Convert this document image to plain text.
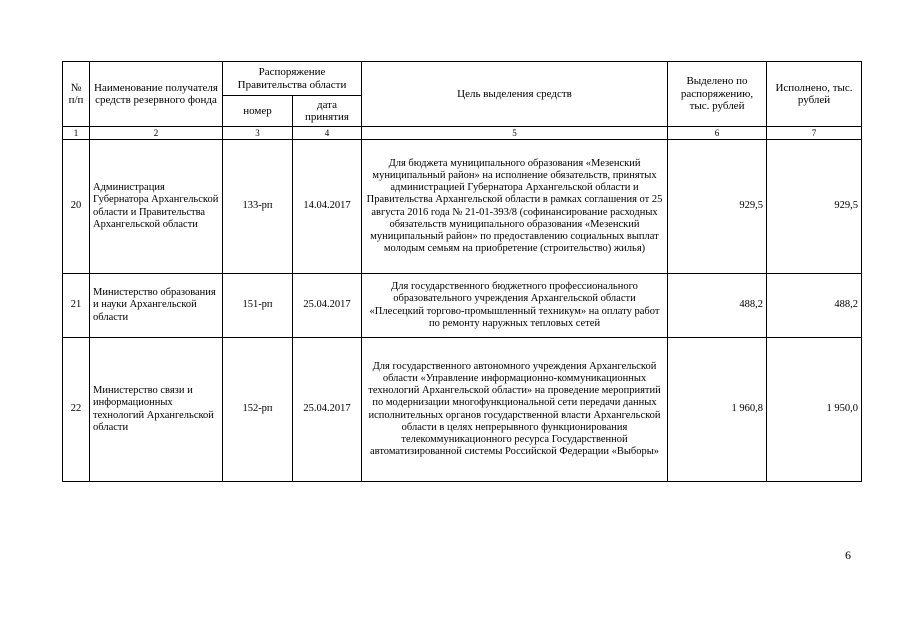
№
п/п	Наименование получателя средств резервного фонда	Распоряжение Правительства области		Цель выделения средств	Выделено по распоряжению, тыс. рублей	Исполнено, тыс. рублей
		номер	дата принятия			
1	2	3	4	5	6	7
20	Администрация Губернатора Архангельской области и Правительства Архангельской области	133-рп	14.04.2017	Для бюджета муниципального образования «Мезенский муниципальный район» на исполнение обязательств, принятых администрацией Губернатора Архангельской области и Правительства Архангельской области в рамках соглашения от 25 августа 2016 года № 21-01-393/8 (софинансирование расходных обязательств муниципального образования «Мезенский муниципальный район» по предоставлению социальных выплат молодым семьям на приобретение (строительство) жилья)	929,5	929,5
21	Министерство образования и науки Архангельской области	151-рп	25.04.2017	Для государственного бюджетного профессионального образовательного учреждения Архангельской области «Плесецкий торгово-промышленный техникум» на оплату работ по ремонту наружных тепловых сетей	488,2	488,2
22	Министерство связи и информационных технологий Архангельской области	152-рп	25.04.2017	Для государственного автономного учреждения Архангельской области «Управление информационно-коммуникационных технологий Архангельской области» на проведение мероприятий по модернизации многофункциональной сети передачи данных исполнительных органов государственной власти Архангельской области в целях непрерывного функционирования телекоммуникационного ресурса Государственной автоматизированной системы Российской Федерации «Выборы»	1 960,8	1 950,0
6
